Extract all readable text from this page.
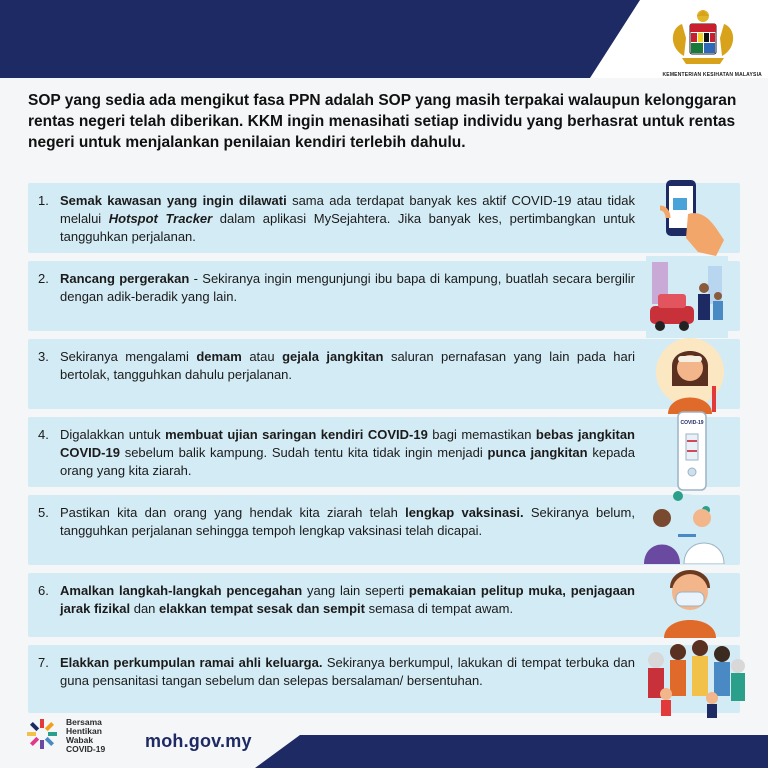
KEMENTERIAN KESIHATAN MALAYSIA
SOP yang sedia ada mengikut fasa PPN adalah SOP yang masih terpakai walaupun kelonggaran rentas negeri telah diberikan. KKM ingin menasihati setiap individu yang berhasrat untuk rentas negeri untuk menjalankan penilaian kendiri terlebih dahulu.
1. Semak kawasan yang ingin dilawati sama ada terdapat banyak kes aktif COVID-19 atau tidak melalui Hotspot Tracker dalam aplikasi MySejahtera. Jika banyak kes, pertimbangkan untuk tangguhkan perjalanan.
2. Rancang pergerakan - Sekiranya ingin mengunjungi ibu bapa di kampung, buatlah secara bergilir dengan adik-beradik yang lain.
3. Sekiranya mengalami demam atau gejala jangkitan saluran pernafasan yang lain pada hari bertolak, tangguhkan dahulu perjalanan.
4. Digalakkan untuk membuat ujian saringan kendiri COVID-19 bagi memastikan bebas jangkitan COVID-19 sebelum balik kampung. Sudah tentu kita tidak ingin menjadi punca jangkitan kepada orang yang kita ziarah.
5. Pastikan kita dan orang yang hendak kita ziarah telah lengkap vaksinasi. Sekiranya belum, tangguhkan perjalanan sehingga tempoh lengkap vaksinasi telah dicapai.
6. Amalkan langkah-langkah pencegahan yang lain seperti pemakaian pelitup muka, penjagaan jarak fizikal dan elakkan tempat sesak dan sempit semasa di tempat awam.
7. Elakkan perkumpulan ramai ahli keluarga. Sekiranya berkumpul, lakukan di tempat terbuka dan guna pensanitasi tangan sebelum dan selepas bersalaman/ bersentuhan.
COVID-19
Bersama
Hentikan
Wabak
COVID-19 moh.gov.my
